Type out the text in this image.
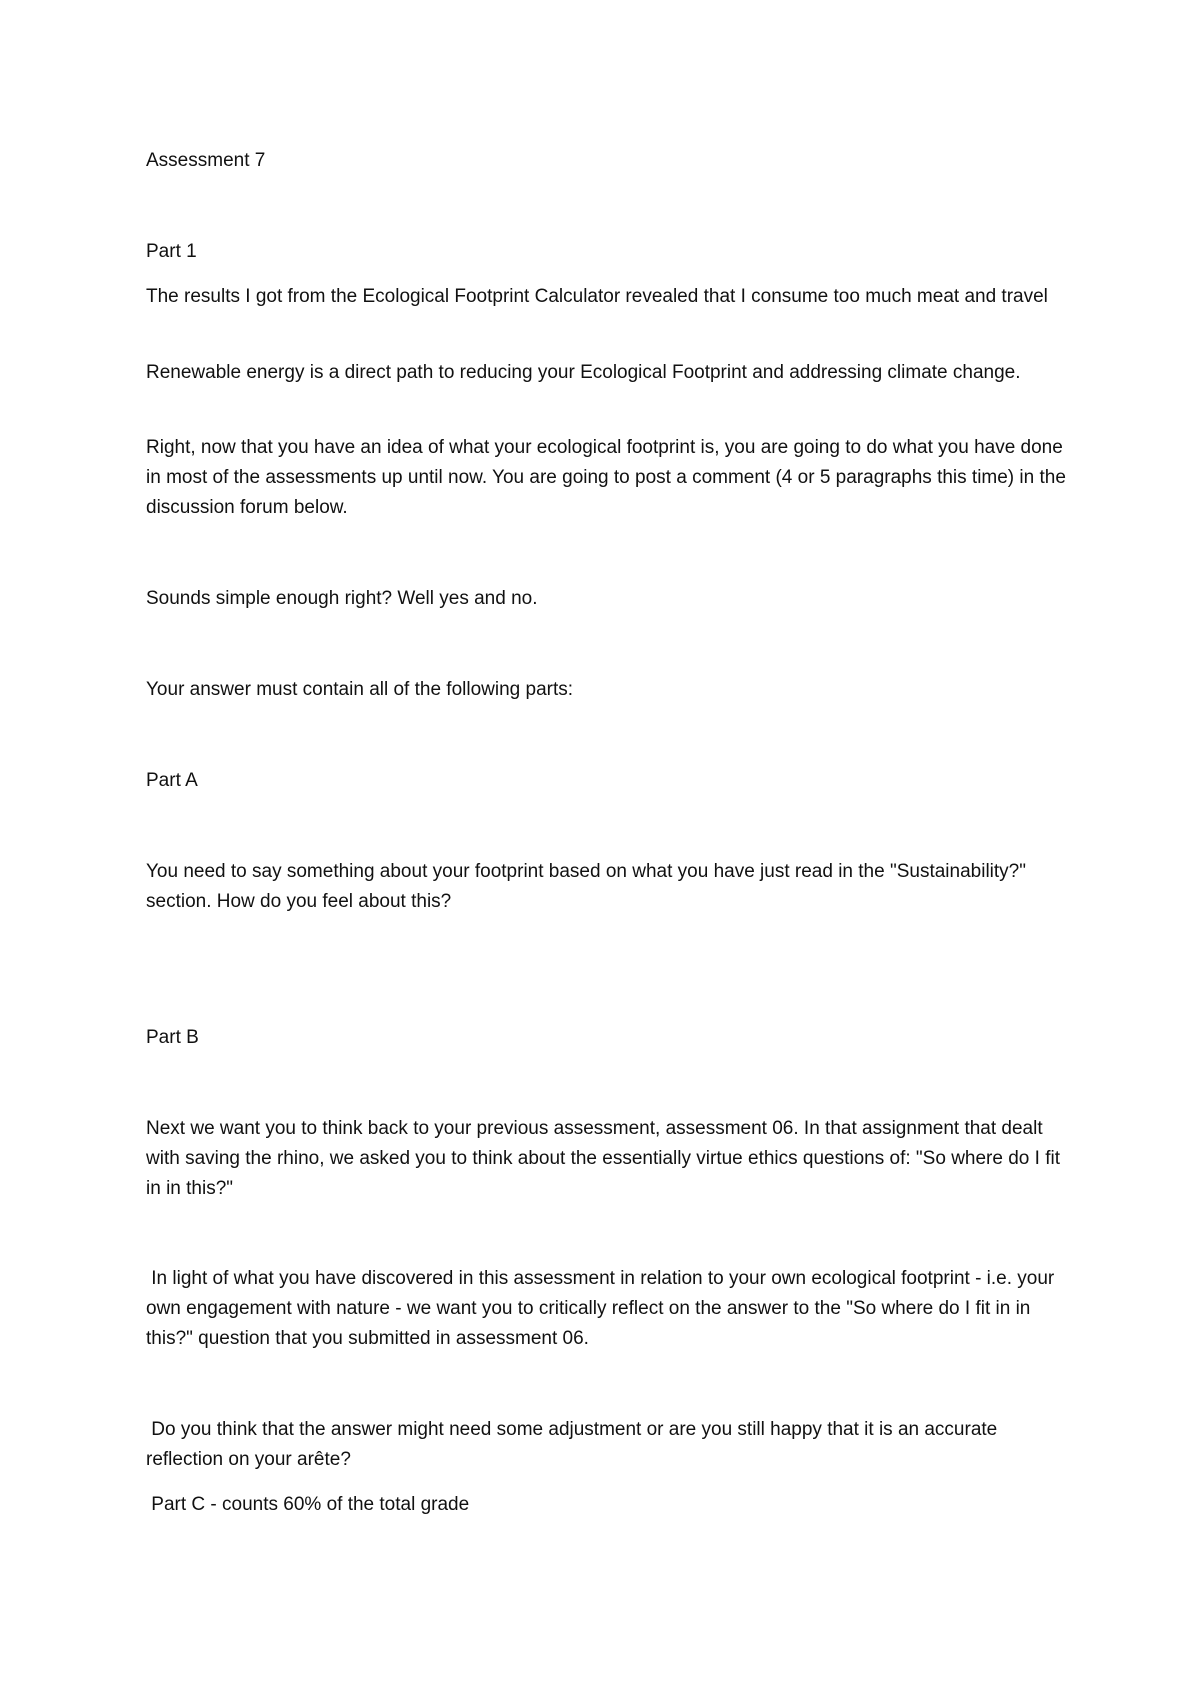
Assessment 7

Part 1

The results I got from the Ecological Footprint Calculator revealed that I consume too much meat and travel

Renewable energy is a direct path to reducing your Ecological Footprint and addressing climate change.

Right, now that you have an idea of what your ecological footprint is, you are going to do what you have done in most of the assessments up until now. You are going to post a comment (4 or 5 paragraphs this time) in the discussion forum below.

Sounds simple enough right? Well yes and no.

Your answer must contain all of the following parts:

Part A

You need to say something about your footprint based on what you have just read in the "Sustainability?" section. How do you feel about this?

Part B

Next we want you to think back to your previous assessment, assessment 06. In that assignment that dealt with saving the rhino, we asked you to think about the essentially virtue ethics questions of: "So where do I fit in in this?"

In light of what you have discovered in this assessment in relation to your own ecological footprint - i.e. your own engagement with nature - we want you to critically reflect on the answer to the "So where do I fit in in this?" question that you submitted in assessment 06.

Do you think that the answer might need some adjustment or are you still happy that it is an accurate reflection on your arête?

Part C - counts 60% of the total grade
